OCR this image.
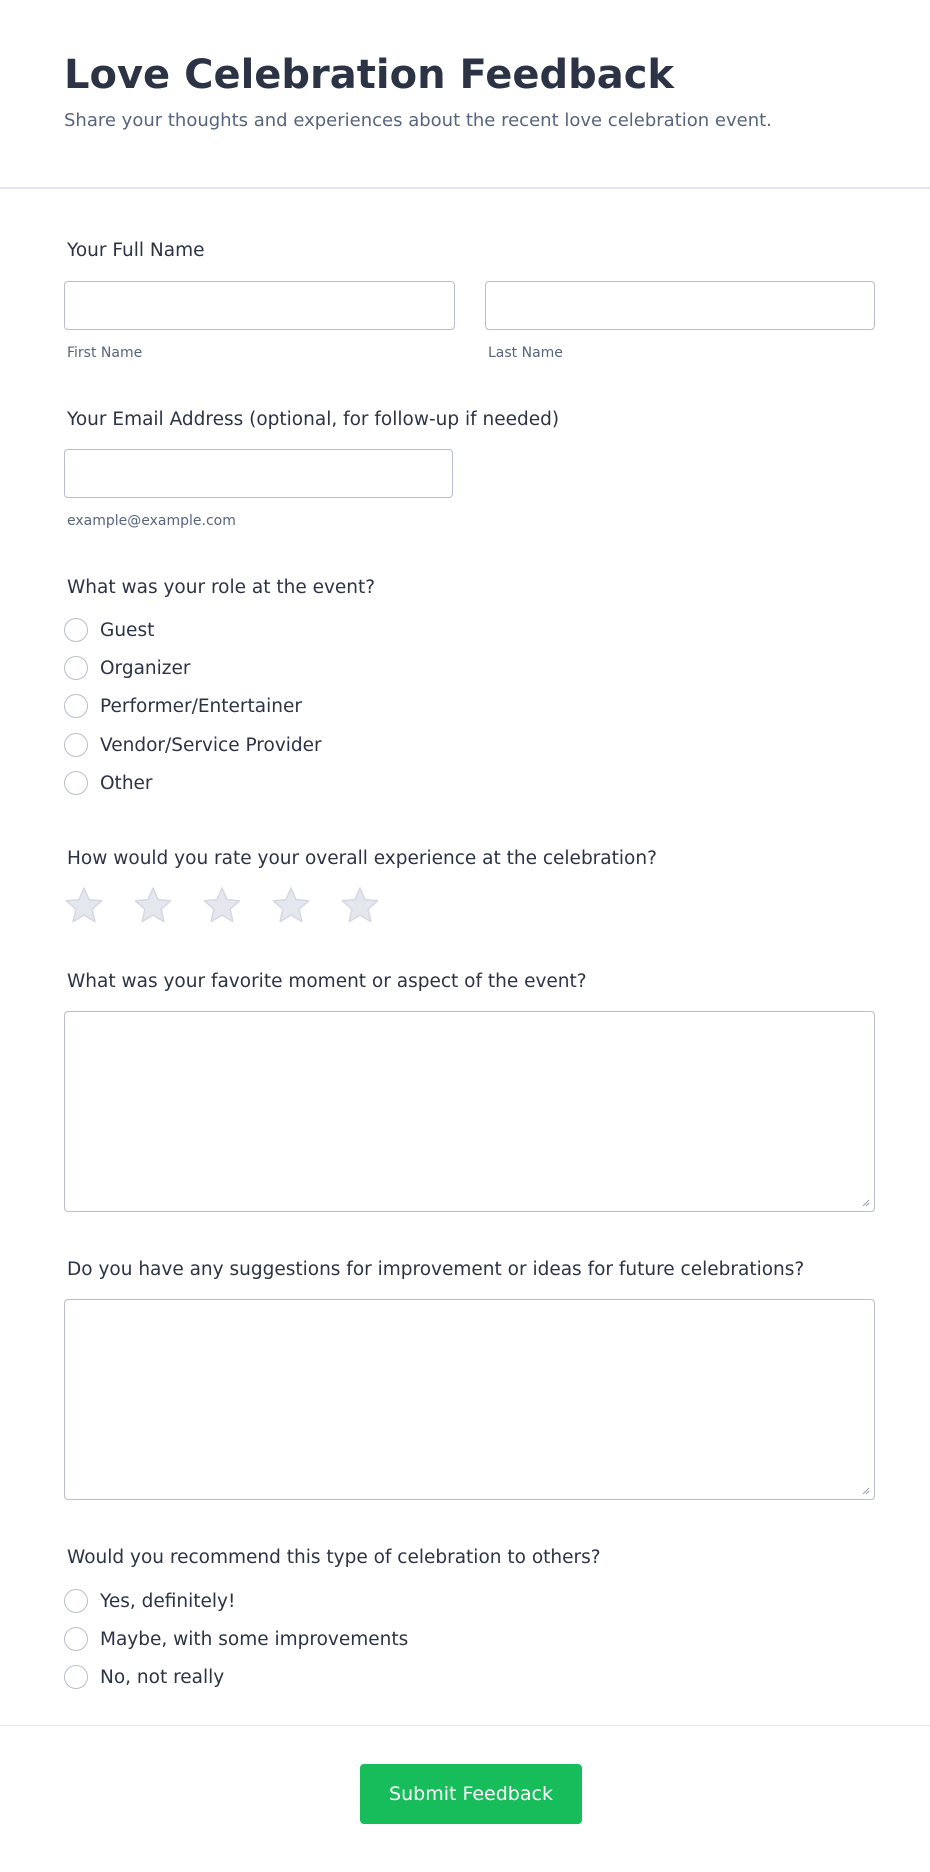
Love Celebration Feedback

Share your thoughts and experiences about the recent love celebration event.

Your Full Name
First Name	Last Name
Your Email Address (optional, for follow-up if needed)
example@example.com
What was your role at the event?
Guest
Organizer
Performer/Entertainer
Vendor/Service Provider
Other
How would you rate your overall experience at the celebration?
What was your favorite moment or aspect of the event?
Do you have any suggestions for improvement or ideas for future celebrations?
Would you recommend this type of celebration to others?
Yes, definitely!
Maybe, with some improvements
No, not really
Submit Feedback
